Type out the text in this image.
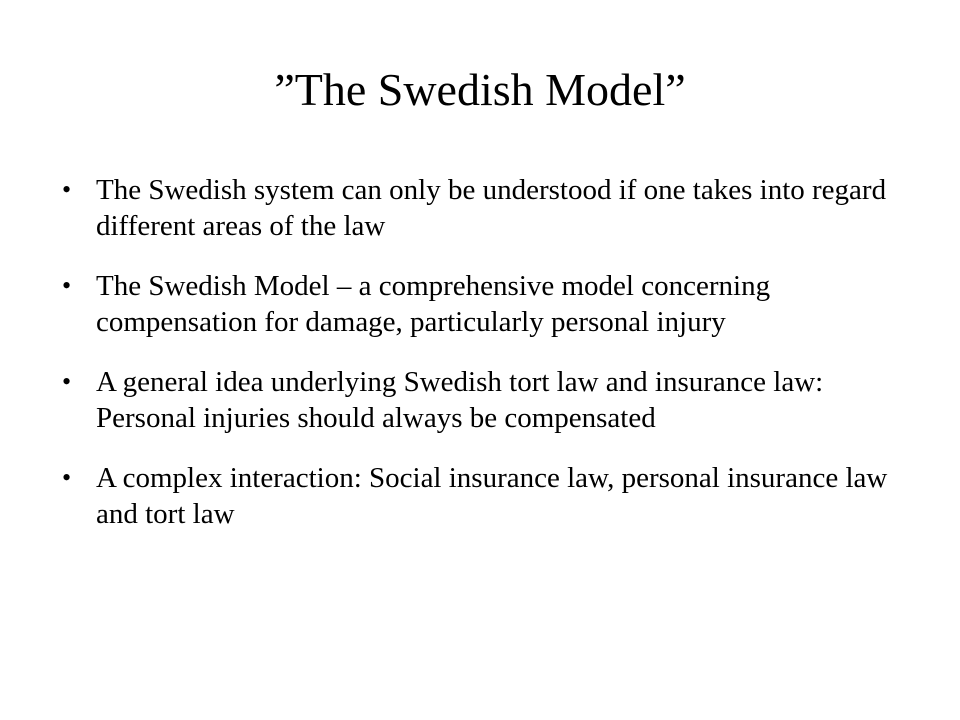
”The Swedish Model”
• The Swedish system can only be understood if one takes into regard different areas of the law
• The Swedish Model – a comprehensive model concerning compensation for damage, particularly personal injury
• A general idea underlying Swedish tort law and insurance law: Personal injuries should always be compensated
• A complex interaction: Social insurance law, personal insurance law and tort law
